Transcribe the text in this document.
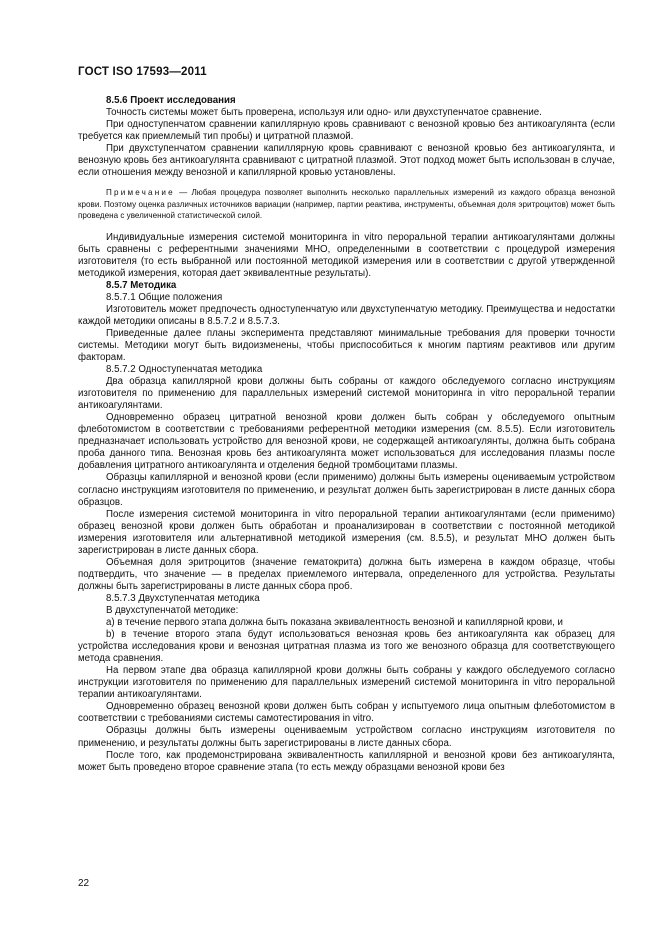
ГОСТ ISO 17593—2011

8.5.6 Проект исследования

Точность системы может быть проверена, используя или одно- или двухступенчатое сравнение.

При одноступенчатом сравнении капиллярную кровь сравнивают с венозной кровью без антикоагулянта (если требуется как приемлемый тип пробы) и цитратной плазмой.

При двухступенчатом сравнении капиллярную кровь сравнивают с венозной кровью без антикоагулянта, и венозную кровь без антикоагулянта сравнивают с цитратной плазмой. Этот подход может быть использован в случае, если отношения между венозной и капиллярной кровью установлены.

Примечание — Любая процедура позволяет выполнить несколько параллельных измерений из каждого образца венозной крови. Поэтому оценка различных источников вариации (например, партии реактива, инструменты, объемная доля эритроцитов) может быть проведена с увеличенной статистической силой.

Индивидуальные измерения системой мониторинга in vitro пероральной терапии антикоагулянтами должны быть сравнены с референтными значениями МНО, определенными в соответствии с процедурой измерения изготовителя (то есть выбранной или постоянной методикой измерения или в соответствии с другой утвержденной методикой измерения, которая дает эквивалентные результаты).

8.5.7 Методика

8.5.7.1 Общие положения

Изготовитель может предпочесть одноступенчатую или двухступенчатую методику. Преимущества и недостатки каждой методики описаны в 8.5.7.2 и 8.5.7.3.

Приведенные далее планы эксперимента представляют минимальные требования для проверки точности системы. Методики могут быть видоизменены, чтобы приспособиться к многим партиям реактивов или другим факторам.

8.5.7.2 Одноступенчатая методика

Два образца капиллярной крови должны быть собраны от каждого обследуемого согласно инструкциям изготовителя по применению для параллельных измерений системой мониторинга in vitro пероральной терапии антикоагулянтами.

Одновременно образец цитратной венозной крови должен быть собран у обследуемого опытным флеботомистом в соответствии с требованиями референтной методики измерения (см. 8.5.5). Если изготовитель предназначает использовать устройство для венозной крови, не содержащей антикоагулянты, должна быть собрана проба данного типа. Венозная кровь без антикоагулянта может использоваться для исследования плазмы после добавления цитратного антикоагулянта и отделения бедной тромбоцитами плазмы.

Образцы капиллярной и венозной крови (если применимо) должны быть измерены оцениваемым устройством согласно инструкциям изготовителя по применению, и результат должен быть зарегистрирован в листе данных сбора образцов.

После измерения системой мониторинга in vitro пероральной терапии антикоагулянтами (если применимо) образец венозной крови должен быть обработан и проанализирован в соответствии с постоянной методикой измерения изготовителя или альтернативной методикой измерения (см. 8.5.5), и результат МНО должен быть зарегистрирован в листе данных сбора.

Объемная доля эритроцитов (значение гематокрита) должна быть измерена в каждом образце, чтобы подтвердить, что значение — в пределах приемлемого интервала, определенного для устройства. Результаты должны быть зарегистрированы в листе данных сбора проб.

8.5.7.3 Двухступенчатая методика

В двухступенчатой методике:

a) в течение первого этапа должна быть показана эквивалентность венозной и капиллярной крови, и

b) в течение второго этапа будут использоваться венозная кровь без антикоагулянта как образец для устройства исследования крови и венозная цитратная плазма из того же венозного образца для соответствующего метода сравнения.

На первом этапе два образца капиллярной крови должны быть собраны у каждого обследуемого согласно инструкции изготовителя по применению для параллельных измерений системой мониторинга in vitro пероральной терапии антикоагулянтами.

Одновременно образец венозной крови должен быть собран у испытуемого лица опытным флеботомистом в соответствии с требованиями системы самотестирования in vitro.

Образцы должны быть измерены оцениваемым устройством согласно инструкциям изготовителя по применению, и результаты должны быть зарегистрированы в листе данных сбора.

После того, как продемонстрирована эквивалентность капиллярной и венозной крови без антикоагулянта, может быть проведено второе сравнение этапа (то есть между образцами венозной крови без

22
